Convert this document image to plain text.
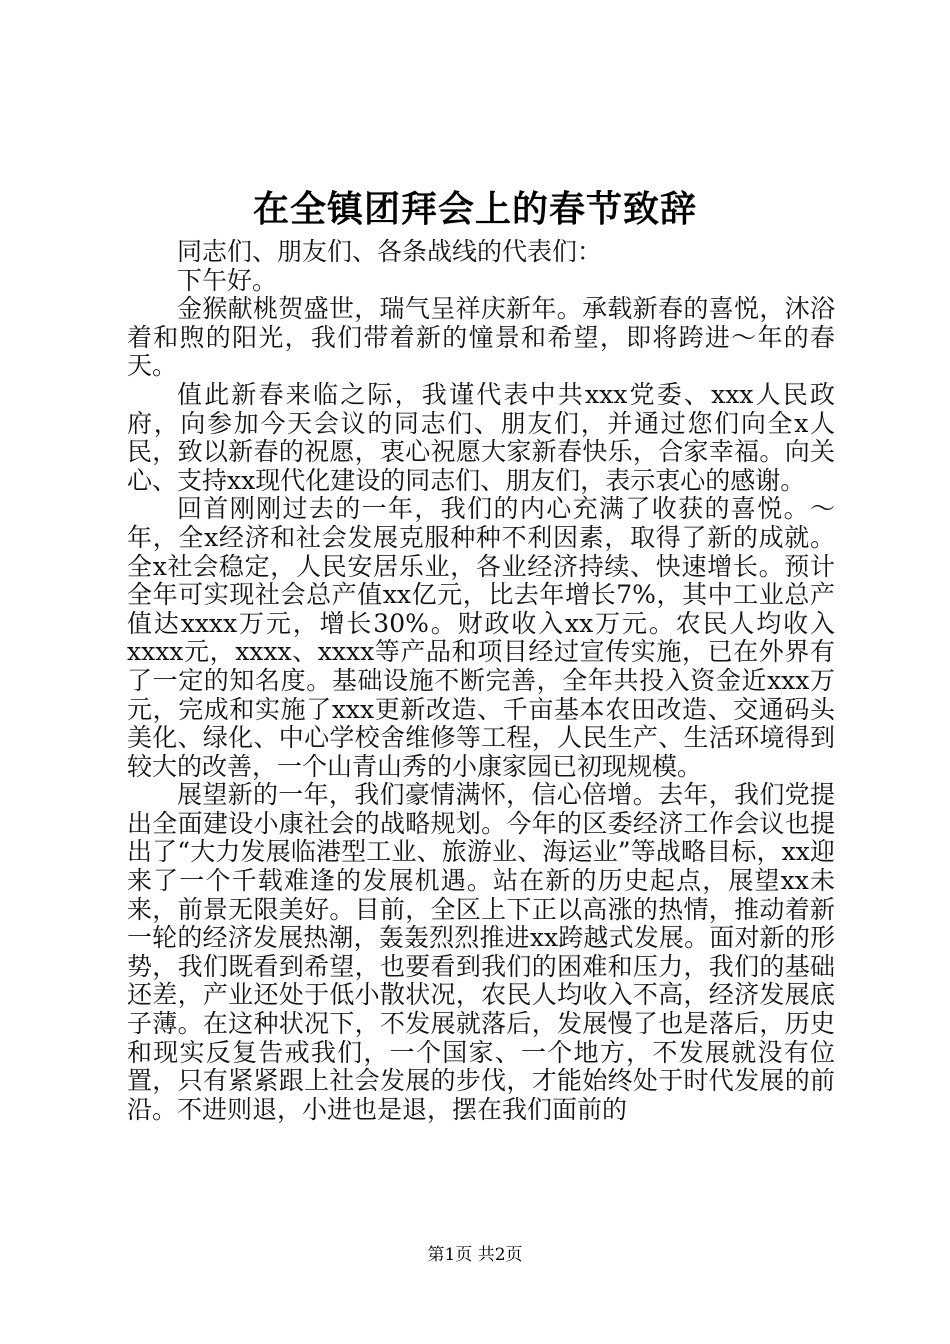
在全镇团拜会上的春节致辞

同志们、朋友们、各条战线的代表们：

下午好。

金猴献桃贺盛世，瑞气呈祥庆新年。承载新春的喜悦，沐浴着和煦的阳光，我们带着新的憧景和希望，即将跨进～年的春天。

值此新春来临之际，我谨代表中共xxx党委、xxx人民政府，向参加今天会议的同志们、朋友们，并通过您们向全x人民，致以新春的祝愿，衷心祝愿大家新春快乐，合家幸福。向关心、支持xx现代化建设的同志们、朋友们，表示衷心的感谢。

回首刚刚过去的一年，我们的内心充满了收获的喜悦。～年，全x经济和社会发展克服种种不利因素，取得了新的成就。全x社会稳定，人民安居乐业，各业经济持续、快速增长。预计全年可实现社会总产值xx亿元，比去年增长7%，其中工业总产值达xxxx万元，增长30%。财政收入xx万元。农民人均收入xxxx元，xxxx、xxxx等产品和项目经过宣传实施，已在外界有了一定的知名度。基础设施不断完善，全年共投入资金近xxx万元，完成和实施了xxx更新改造、千亩基本农田改造、交通码头美化、绿化、中心学校舍维修等工程，人民生产、生活环境得到较大的改善，一个山青山秀的小康家园已初现规模。

展望新的一年，我们豪情满怀，信心倍增。去年，我们党提出全面建设小康社会的战略规划。今年的区委经济工作会议也提出了“大力发展临港型工业、旅游业、海运业”等战略目标，xx迎来了一个千载难逢的发展机遇。站在新的历史起点，展望xx未来，前景无限美好。目前，全区上下正以高涨的热情，推动着新一轮的经济发展热潮，轰轰烈烈推进xx跨越式发展。面对新的形势，我们既看到希望，也要看到我们的困难和压力，我们的基础还差，产业还处于低小散状况，农民人均收入不高，经济发展底子薄。在这种状况下，不发展就落后，发展慢了也是落后，历史和现实反复告戒我们，一个国家、一个地方，不发展就没有位置，只有紧紧跟上社会发展的步伐，才能始终处于时代发展的前沿。不进则退，小进也是退，摆在我们面前的

第1页 共2页
